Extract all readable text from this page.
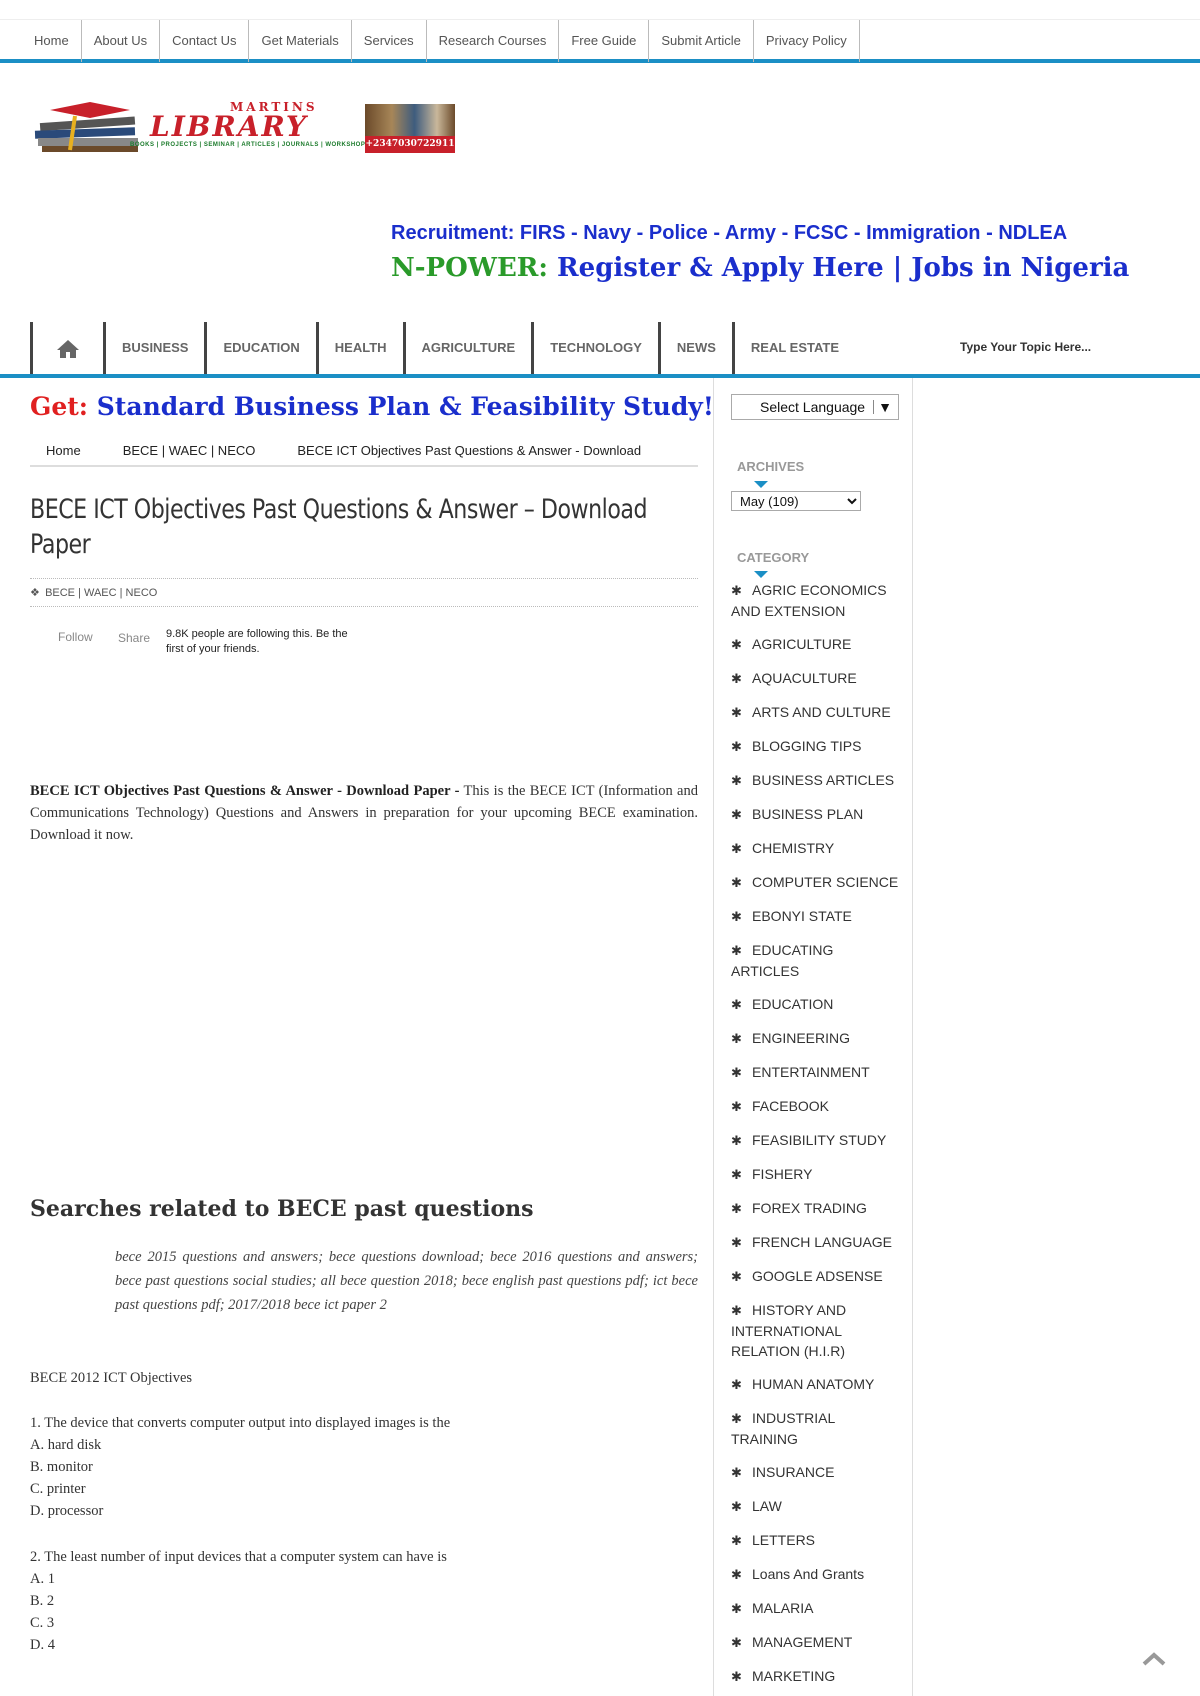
Home	About Us	Contact Us	Get Materials	Services	Research Courses	Free Guide	Submit Article	Privacy Policy
MARTINS
LIBRARY
BOOKS | PROJECTS | SEMINAR | ARTICLES | JOURNALS | WORKSHOP +2347030722911
Recruitment: FIRS - Navy - Police - Army - FCSC - Immigration - NDLEA
N-POWER: Register & Apply Here | Jobs in Nigeria
BUSINESS	EDUCATION	HEALTH	AGRICULTURE	TECHNOLOGY	NEWS	REAL ESTATE	Type Your Topic Here...
Get: Standard Business Plan & Feasibility Study!
Home	BECE | WAEC | NECO	BECE ICT Objectives Past Questions & Answer - Download
BECE ICT Objectives Past Questions & Answer – Download Paper
❖ BECE | WAEC | NECO
Follow Share 9.8K people are following this. Be the first of your friends.

BECE ICT Objectives Past Questions & Answer - Download Paper - This is the BECE ICT (Information and Communications Technology) Questions and Answers in preparation for your upcoming BECE examination. Download it now.

Searches related to BECE past questions

bece 2015 questions and answers; bece questions download; bece 2016 questions and answers; bece past questions social studies; all bece question 2018; bece english past questions pdf; ict bece past questions pdf; 2017/2018 bece ict paper 2

BECE 2012 ICT Objectives
1. The device that converts computer output into displayed images is the
A. hard disk
B. monitor
C. printer
D. processor
2. The least number of input devices that a computer system can have is
A. 1
B. 2
C. 3
D. 4
Select Language ▼
ARCHIVES
May (109)
CATEGORY
✱ AGRIC ECONOMICS AND EXTENSION
✱ AGRICULTURE
✱ AQUACULTURE
✱ ARTS AND CULTURE
✱ BLOGGING TIPS
✱ BUSINESS ARTICLES
✱ BUSINESS PLAN
✱ CHEMISTRY
✱ COMPUTER SCIENCE
✱ EBONYI STATE
✱ EDUCATING ARTICLES
✱ EDUCATION
✱ ENGINEERING
✱ ENTERTAINMENT
✱ FACEBOOK
✱ FEASIBILITY STUDY
✱ FISHERY
✱ FOREX TRADING
✱ FRENCH LANGUAGE
✱ GOOGLE ADSENSE
✱ HISTORY AND INTERNATIONAL RELATION (H.I.R)
✱ HUMAN ANATOMY
✱ INDUSTRIAL TRAINING
✱ INSURANCE
✱ LAW
✱ LETTERS
✱ Loans And Grants
✱ MALARIA
✱ MANAGEMENT
✱ MARKETING
